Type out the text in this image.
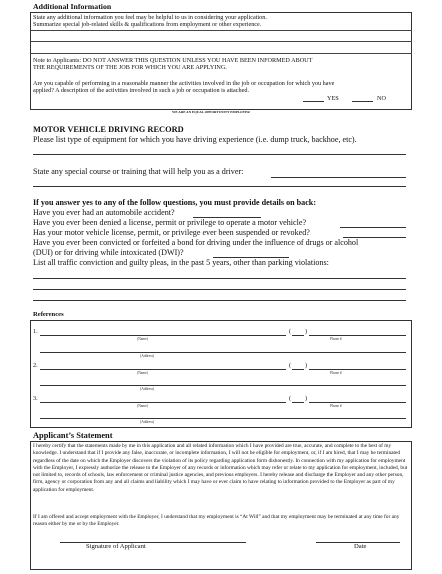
Additional Information
State any additional information you feel may be helpful to us in considering your application.
Summarize special job-related skills & qualifications from employment or other experience.
Note to Applicants: DO NOT ANSWER THIS QUESTION UNLESS YOU HAVE BEEN INFORMED ABOUT
THE REQUIREMENTS OF THE JOB FOR WHICH YOU ARE APPLYING.
Are you capable of performing in a reasonable manner the activities involved in the job or occupation for which you have
applied? A description of the activities involved in such a job or occupation is attached.
YES	NO
WE ARE AN EQUAL OPPORTUNITY EMPLOYER
MOTOR VEHICLE DRIVING RECORD
Please list type of equipment for which you have driving experience (i.e. dump truck, backhoe, etc).
State any special course or training that will help you as a driver:
If you answer yes to any of the follow questions, you must provide details on back:
Have you ever had an automobile accident?
Have you ever been denied a license, permit or privilege to operate a motor vehicle?
Has your motor vehicle license, permit, or privilege ever been suspended or revoked?
Have you ever been convicted or forfeited a bond for driving under the influence of drugs or alcohol
(DUI) or for driving while intoxicated (DWI)?
List all traffic conviction and guilty pleas, in the past 5 years, other than parking violations:
References
1.	( )
(Name)	Phone #
(Address)
2.	( )
(Name)	Phone #
(Address)
3.	( )
(Name)	Phone #
(Address)
Applicant’s Statement
I hereby certify that the statements made by me in this application and all related information which I have provided are true, accurate, and complete to the best of my knowledge. I understand that if I provide any false, inaccurate, or incomplete information, I will not be eligible for employment, or, if I am hired, that I may be terminated regardless of the date on which the Employer discovers the violation of its policy regarding application form dishonestly. In connection with my application for employment with the Employer, I expressly authorize the release to the Employer of any records or information which may refer or relate to my application for employment, included, but not limited to, records of schools, law enforcement or criminal justice agencies, and previous employers. I hereby release and discharge the Employer and any other person, firm, agency or corporation from any and all claims and liability which I may have or ever claim to have relating to information provided to the Employer as part of my application for employment.
If I am offered and accept employment with the Employer, I understand that my employment is “At Will” and that my employment may be terminated at any time for any reason either by me or by the Employer.
Signature of Applicant	Date
